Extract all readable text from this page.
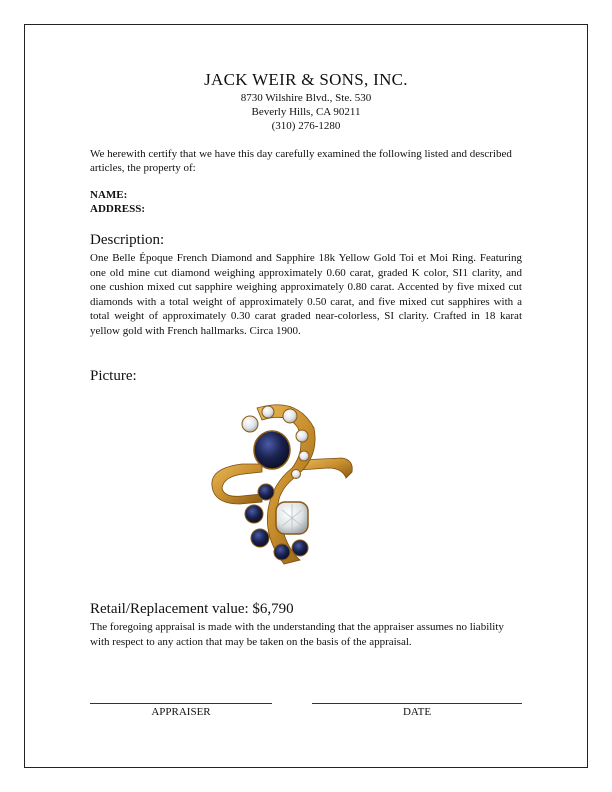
JACK WEIR & SONS, INC.
8730 Wilshire Blvd., Ste. 530
Beverly Hills, CA 90211
(310) 276-1280
We herewith certify that we have this day carefully examined the following listed and described articles, the property of:
NAME:
ADDRESS:
Description:
One Belle Époque French Diamond and Sapphire 18k Yellow Gold Toi et Moi Ring. Featuring one old mine cut diamond weighing approximately 0.60 carat, graded K color, SI1 clarity, and one cushion mixed cut sapphire weighing approximately 0.80 carat. Accented by five mixed cut diamonds with a total weight of approximately 0.50 carat, and five mixed cut sapphires with a total weight of approximately 0.30 carat graded near-colorless, SI clarity. Crafted in 18 karat yellow gold with French hallmarks. Circa 1900.
Picture:
Retail/Replacement value: $6,790
The foregoing appraisal is made with the understanding that the appraiser assumes no liability with respect to any action that may be taken on the basis of the appraisal.
APPRAISER	DATE
